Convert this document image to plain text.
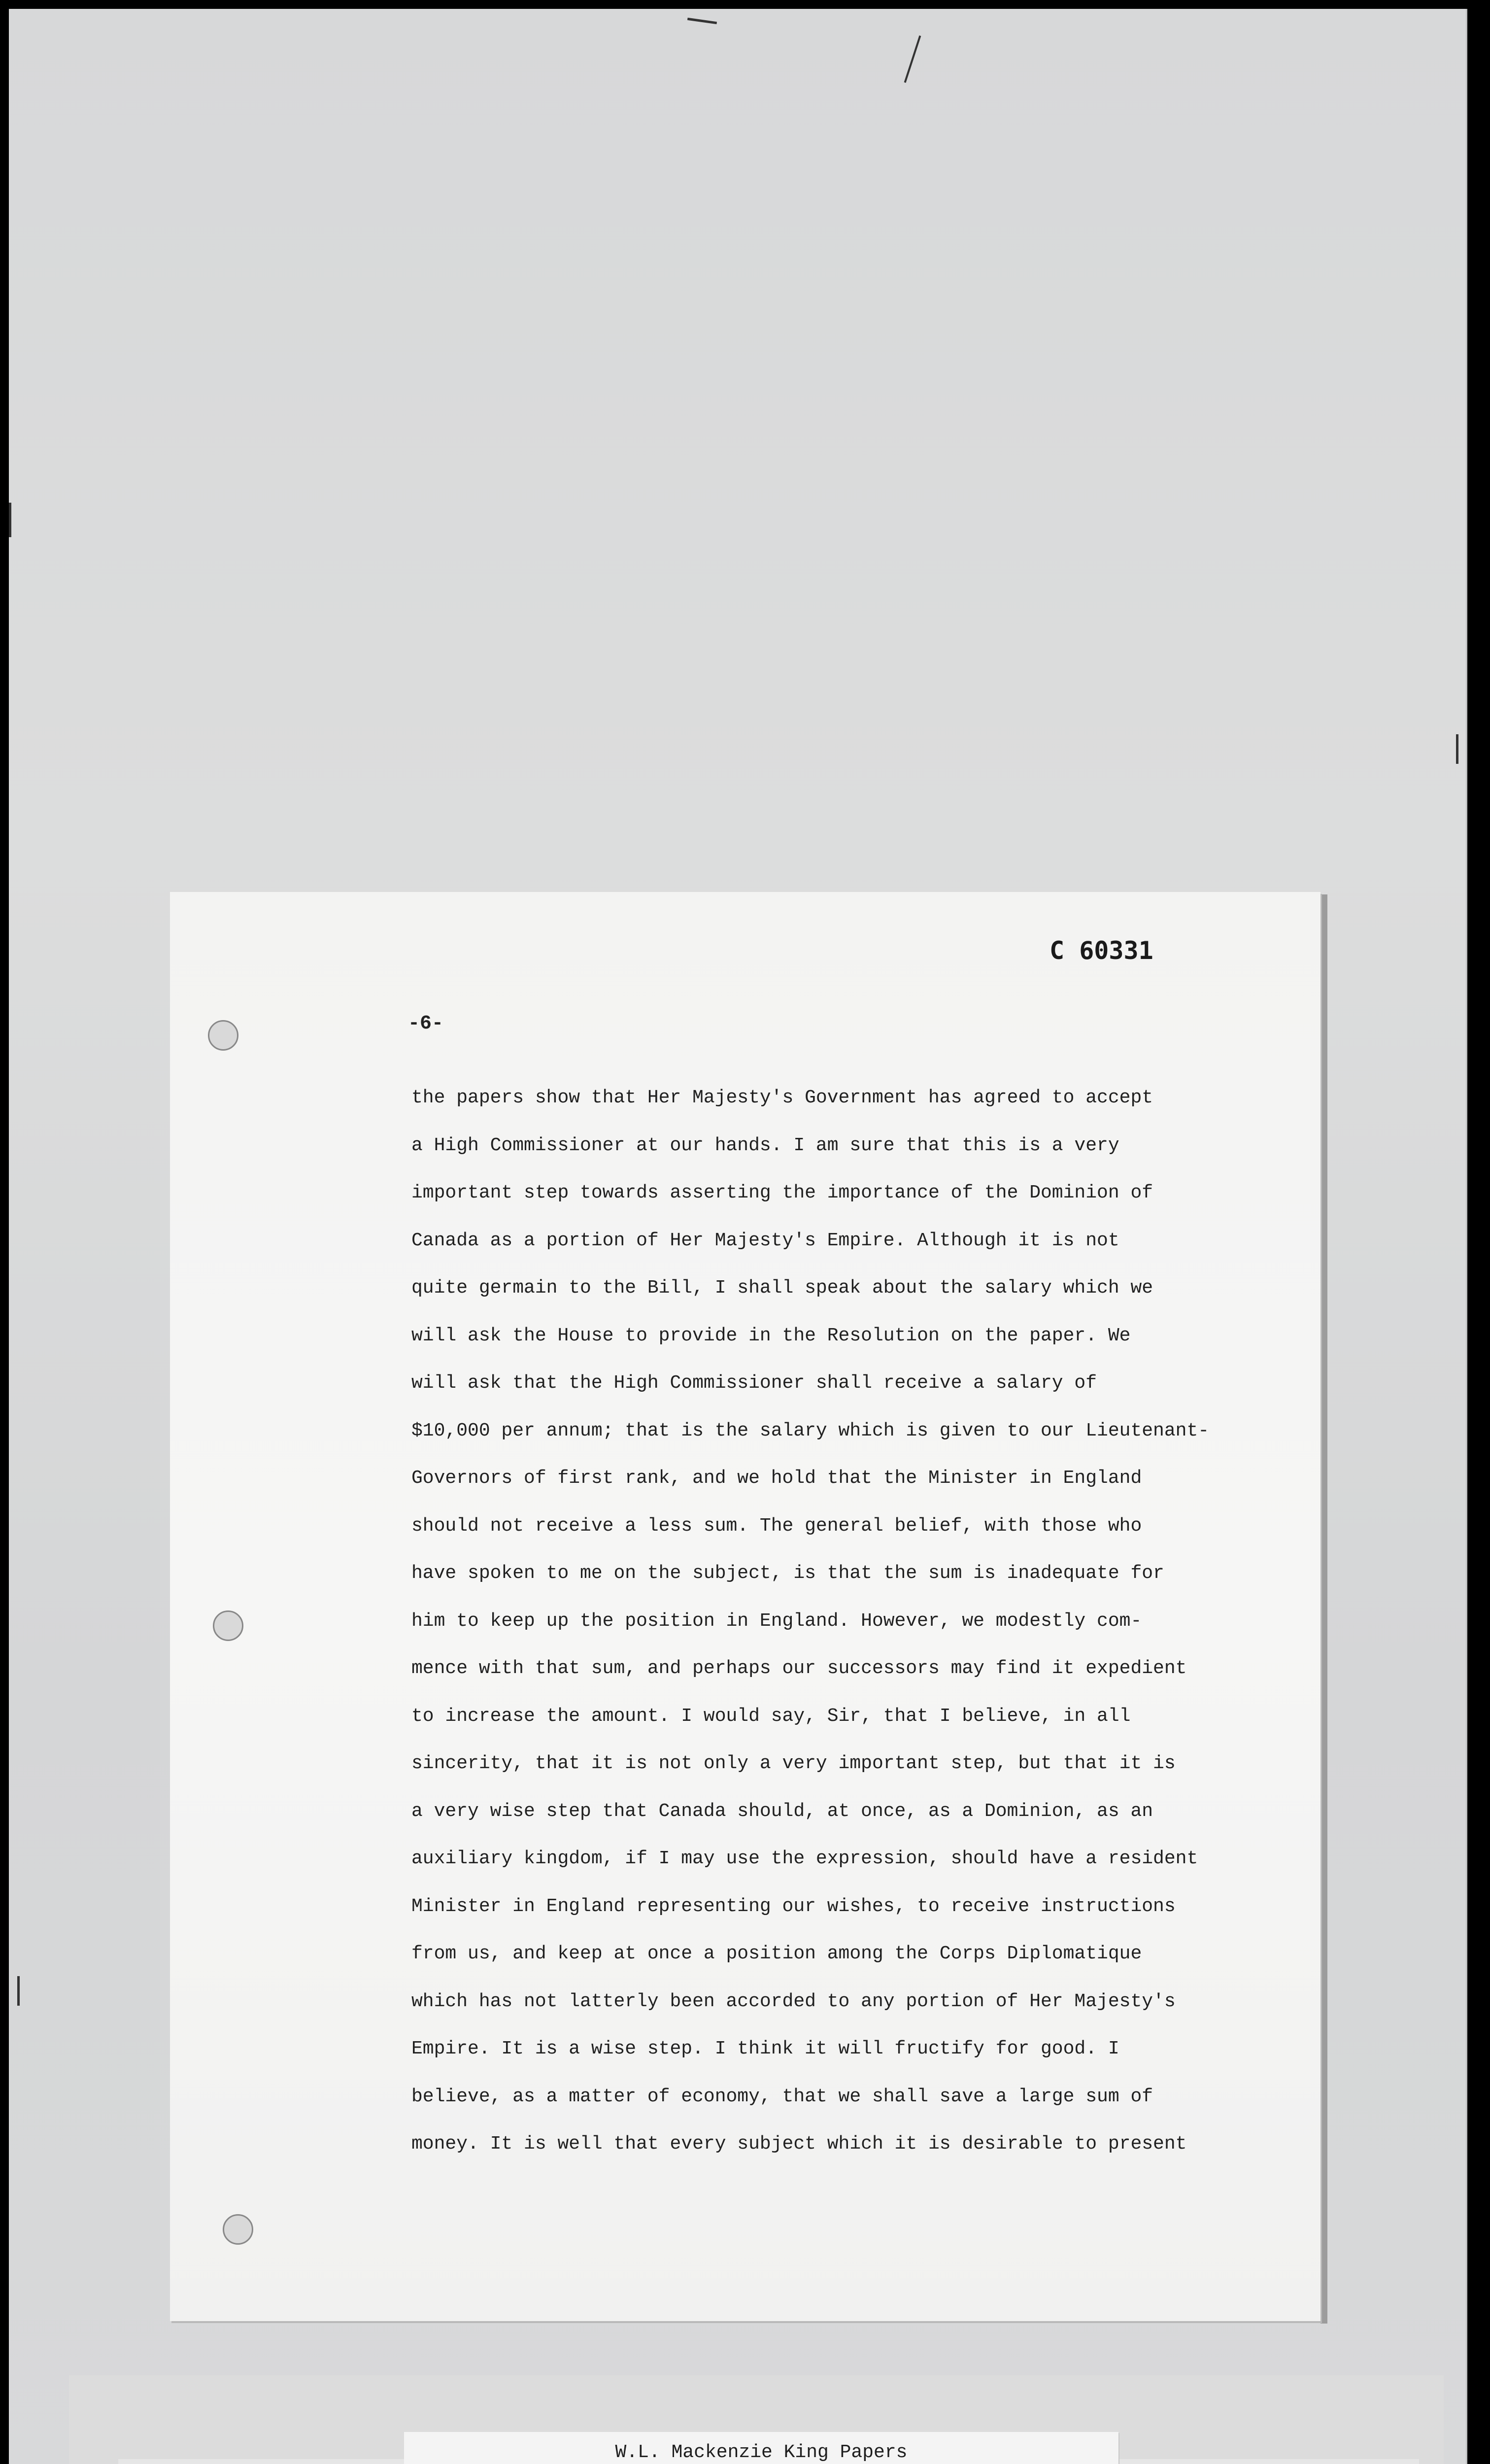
C 60331
-6-
the papers show that Her Majesty's Government has agreed to accept
a High Commissioner at our hands. I am sure that this is a very
important step towards asserting the importance of the Dominion of
Canada as a portion of Her Majesty's Empire. Although it is not
quite germain to the Bill, I shall speak about the salary which we
will ask the House to provide in the Resolution on the paper. We
will ask that the High Commissioner shall receive a salary of
$10,000 per annum; that is the salary which is given to our Lieutenant-
Governors of first rank, and we hold that the Minister in England
should not receive a less sum. The general belief, with those who
have spoken to me on the subject, is that the sum is inadequate for
him to keep up the position in England. However, we modestly com-
mence with that sum, and perhaps our successors may find it expedient
to increase the amount. I would say, Sir, that I believe, in all
sincerity, that it is not only a very important step, but that it is
a very wise step that Canada should, at once, as a Dominion, as an
auxiliary kingdom, if I may use the expression, should have a resident
Minister in England representing our wishes, to receive instructions
from us, and keep at once a position among the Corps Diplomatique
which has not latterly been accorded to any portion of Her Majesty's
Empire. It is a wise step. I think it will fructify for good. I
believe, as a matter of economy, that we shall save a large sum of
money. It is well that every subject which it is desirable to present
W.L. Mackenzie King Papers
